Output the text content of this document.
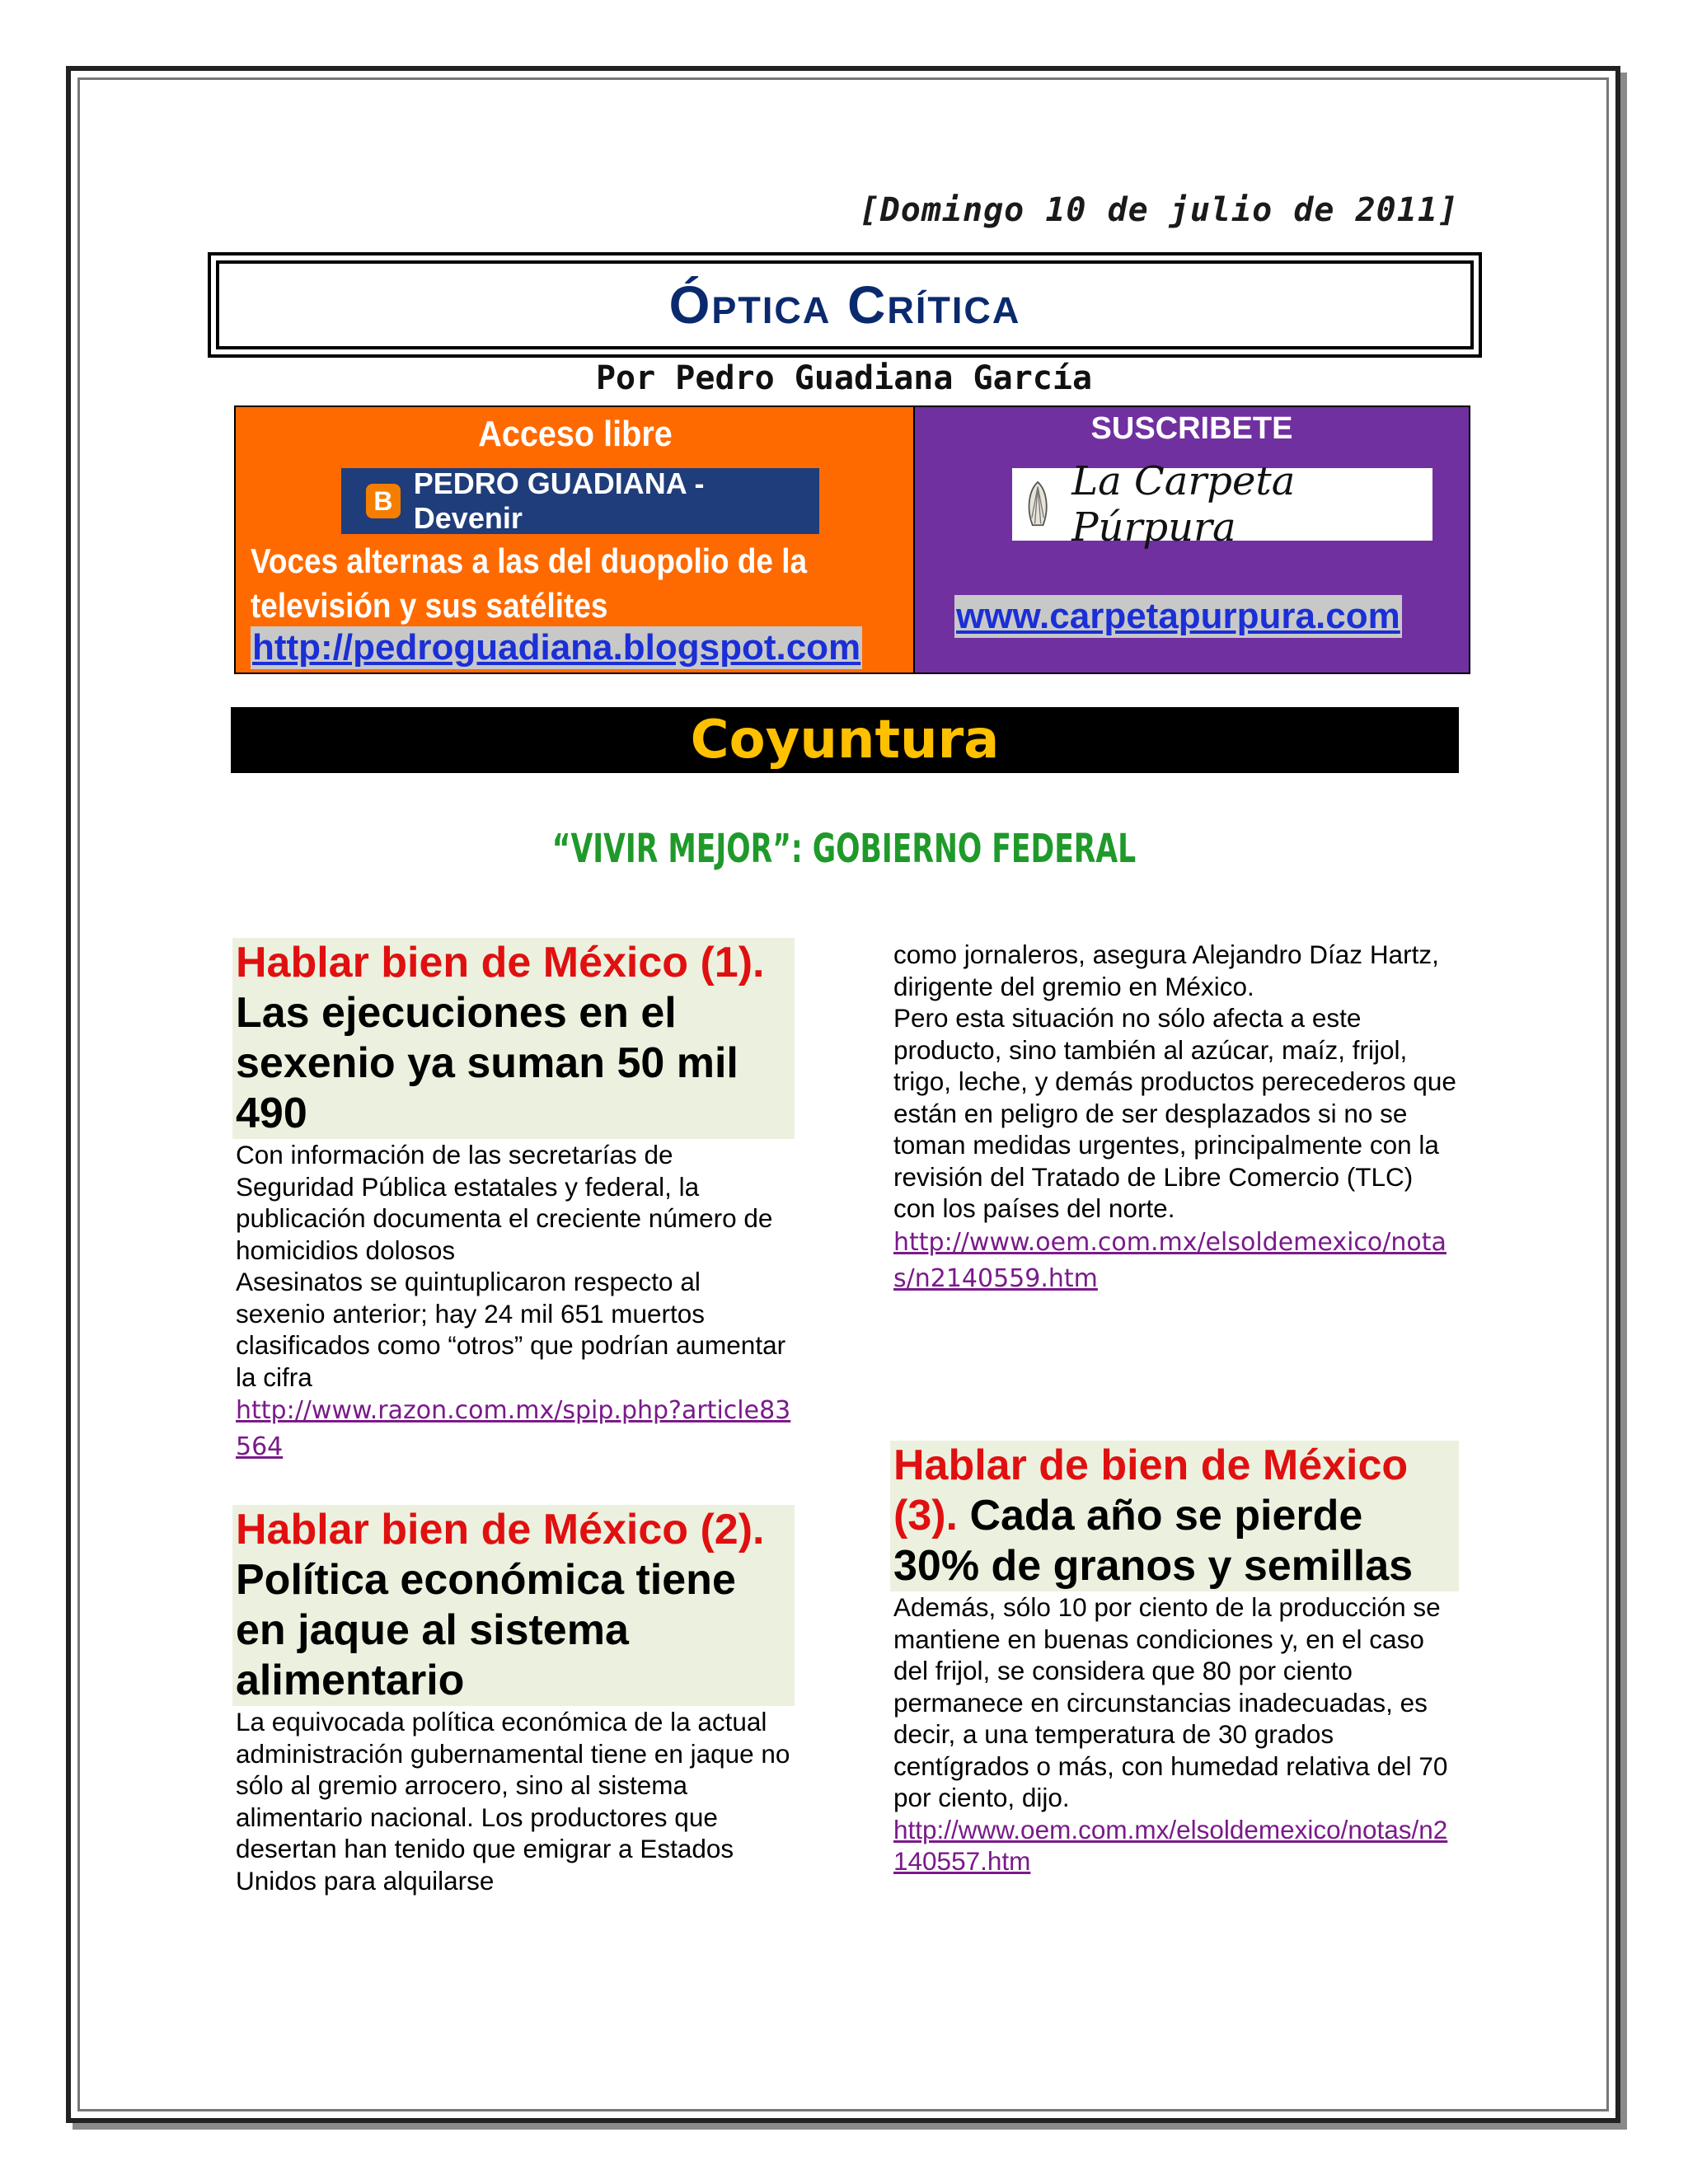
[Domingo 10 de julio de 2011]
Óptica Crítica
Por Pedro Guadiana García
Acceso libre
B
PEDRO GUADIANA - Devenir
Voces alternas a las del duopolio de la televisión y sus satélites
http://pedroguadiana.blogspot.com
SUSCRIBETE
La Carpeta Púrpura
www.carpetapurpura.com
Coyuntura
“VIVIR MEJOR”: GOBIERNO FEDERAL
Hablar bien de México (1). Las ejecuciones en el sexenio ya suman 50 mil 490
Con información de las secretarías de Seguridad Pública estatales y federal, la publicación documenta el creciente número de homicidios dolosos
Asesinatos se quintuplicaron respecto al sexenio anterior; hay 24 mil 651 muertos clasificados como “otros” que podrían aumentar la cifra
http://www.razon.com.mx/spip.php?article83564
Hablar bien de México (2). Política económica tiene en jaque al sistema alimentario
La equivocada política económica de la actual administración gubernamental tiene en jaque no sólo al gremio arrocero, sino al sistema alimentario nacional. Los productores que desertan han tenido que emigrar a Estados Unidos para alquilarse
como jornaleros, asegura Alejandro Díaz Hartz, dirigente del gremio en México.
Pero esta situación no sólo afecta a este producto, sino también al azúcar, maíz, frijol, trigo, leche, y demás productos perecederos que están en peligro de ser desplazados si no se toman medidas urgentes, principalmente con la revisión del Tratado de Libre Comercio (TLC) con los países del norte.
http://www.oem.com.mx/elsoldemexico/notas/n2140559.htm
Hablar de bien de México (3). Cada año se pierde 30% de granos y semillas
Además, sólo 10 por ciento de la producción se mantiene en buenas condiciones y, en el caso del frijol, se considera que 80 por ciento permanece en circunstancias inadecuadas, es decir, a una temperatura de 30 grados centígrados o más, con humedad relativa del 70 por ciento, dijo.
http://www.oem.com.mx/elsoldemexico/notas/n2140557.htm
